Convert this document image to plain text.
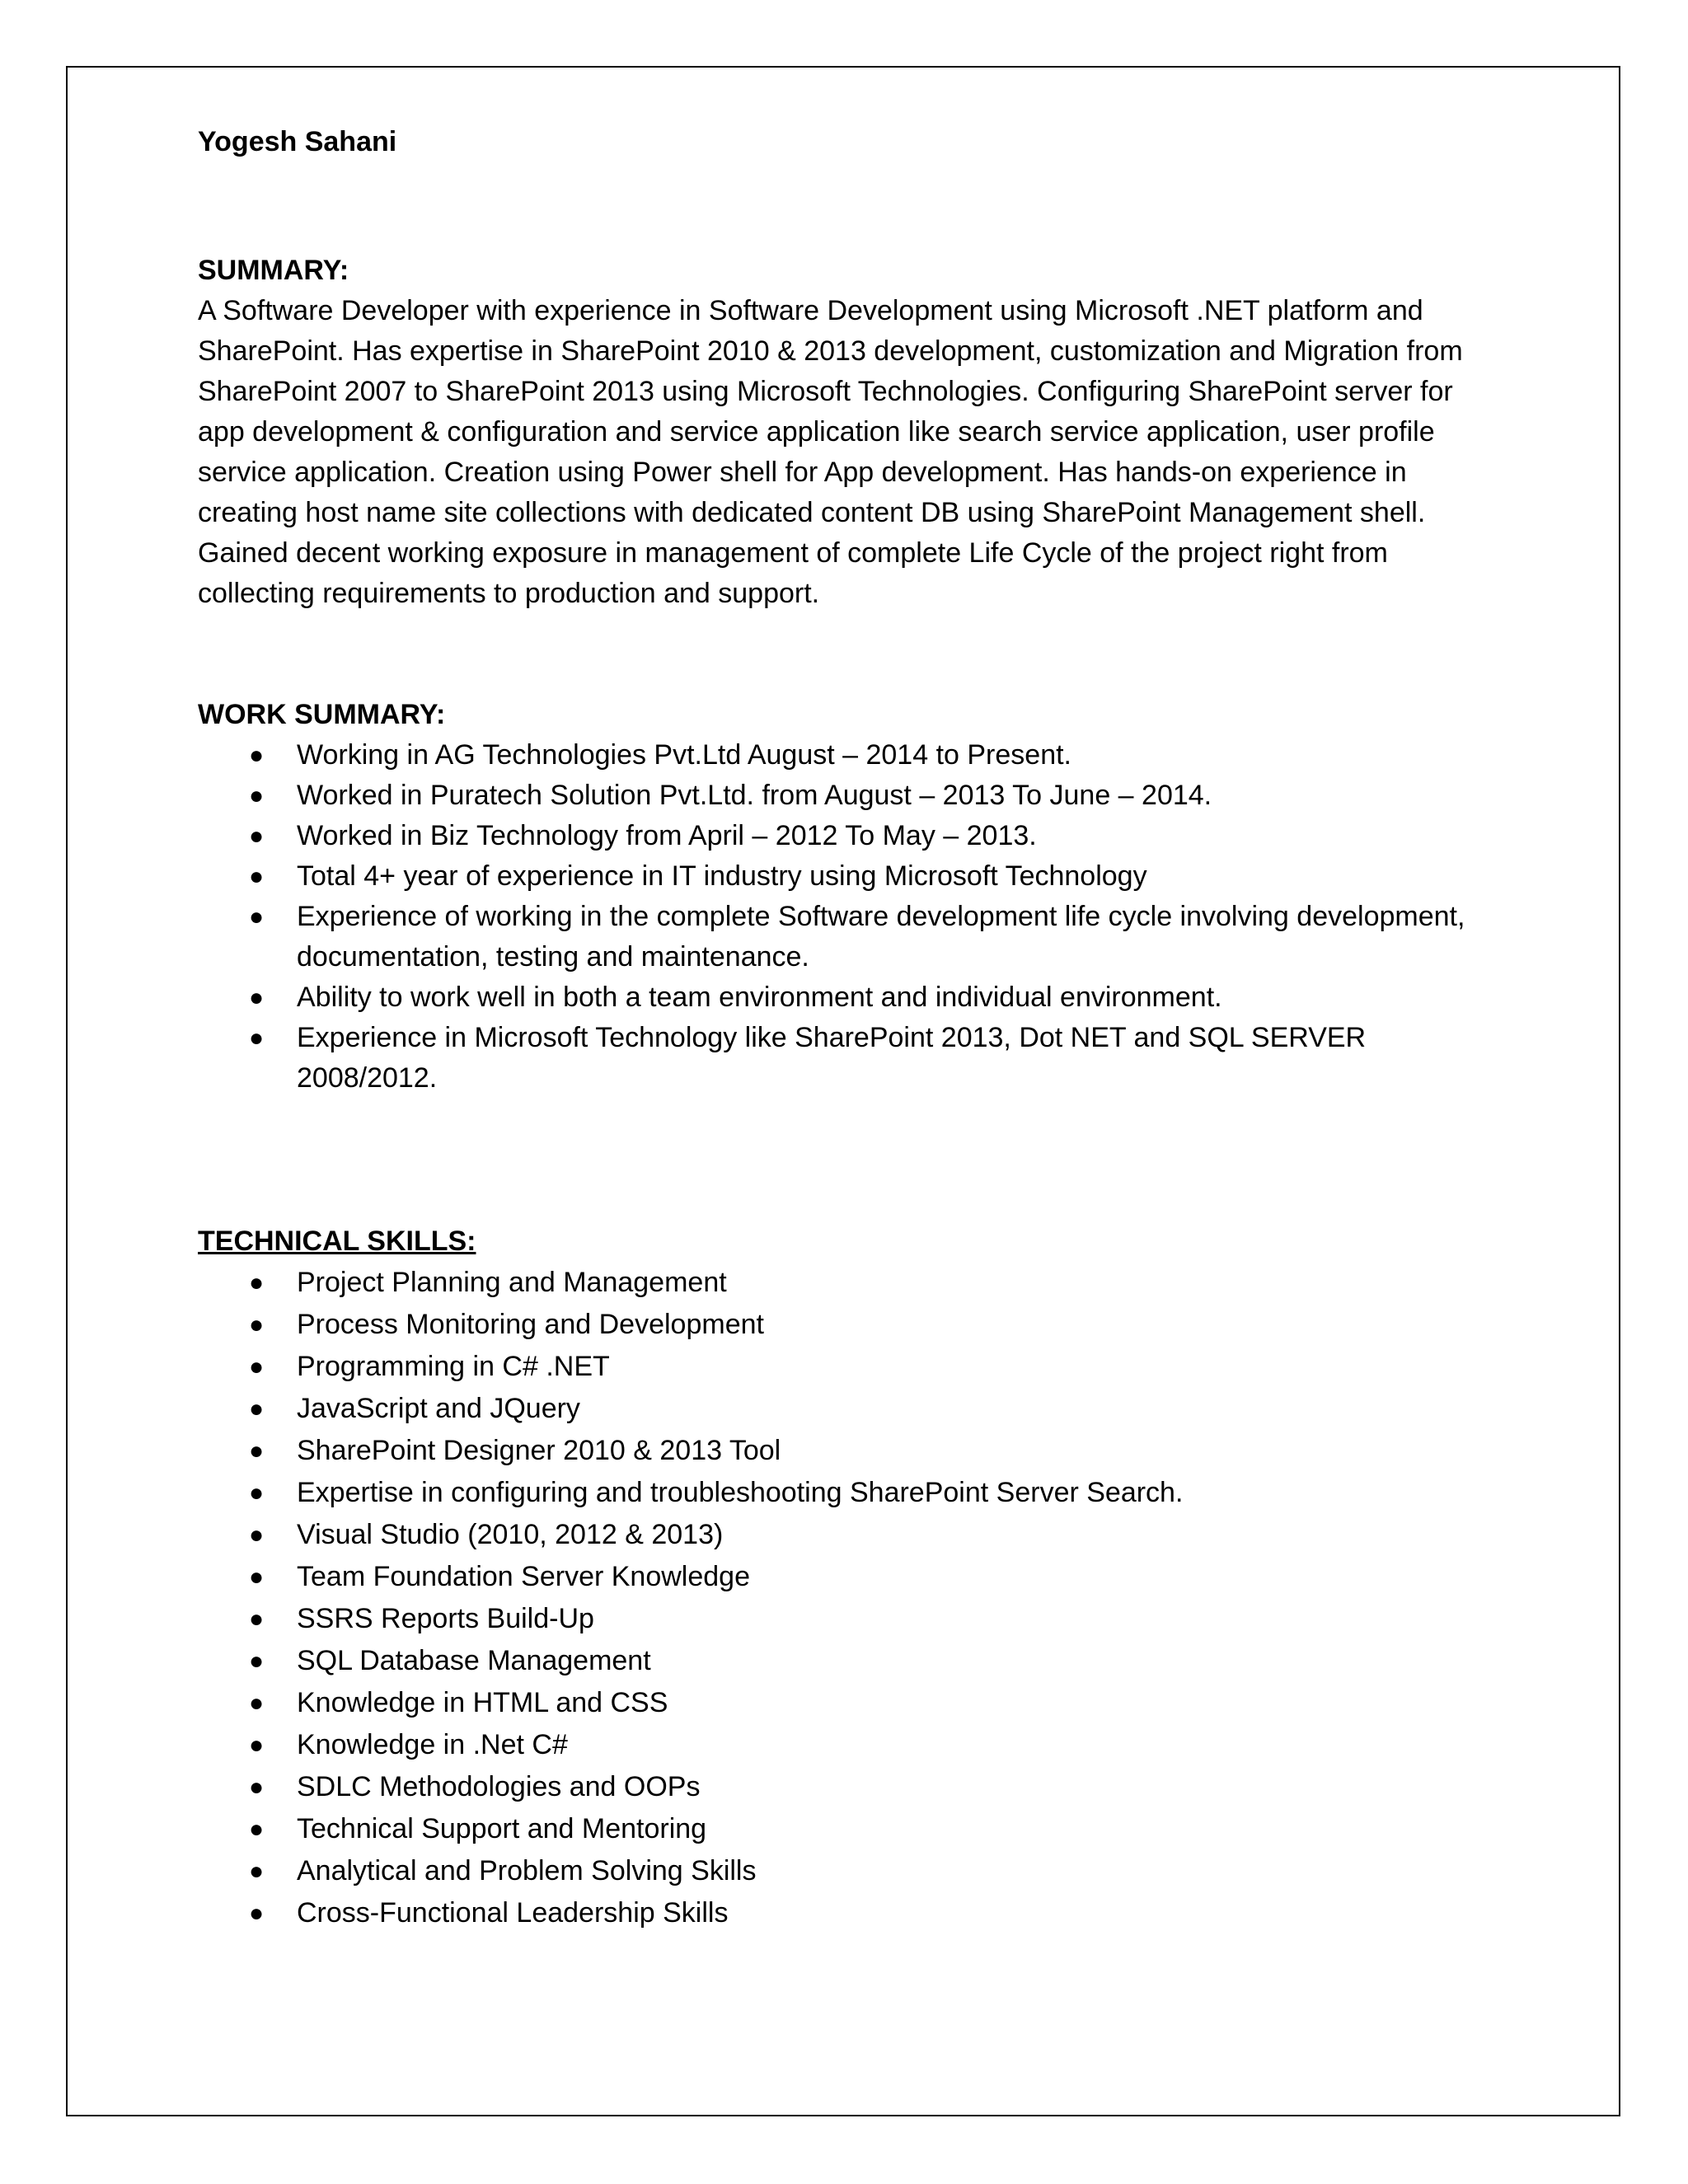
Yogesh Sahani

SUMMARY:

A Software Developer with experience in Software Development using Microsoft .NET platform and SharePoint. Has expertise in SharePoint 2010 & 2013 development, customization and Migration from SharePoint 2007 to SharePoint 2013 using Microsoft Technologies. Configuring SharePoint server for app development & configuration and service application like search service application, user profile service application. Creation using Power shell for App development. Has hands-on experience in creating host name site collections with dedicated content DB using SharePoint Management shell.

Gained decent working exposure in management of complete Life Cycle of the project right from collecting requirements to production and support.

WORK SUMMARY:

● Working in AG Technologies Pvt.Ltd August – 2014 to Present.
● Worked in Puratech Solution Pvt.Ltd. from August – 2013 To June – 2014.
● Worked in Biz Technology from April – 2012 To May – 2013.
● Total 4+ year of experience in IT industry using Microsoft Technology
● Experience of working in the complete Software development life cycle involving development, documentation, testing and maintenance.
● Ability to work well in both a team environment and individual environment.
● Experience in Microsoft Technology like SharePoint 2013, Dot NET and SQL SERVER 2008/2012.

TECHNICAL SKILLS:

● Project Planning and Management
● Process Monitoring and Development
● Programming in C# .NET
● JavaScript and JQuery
● SharePoint Designer 2010 & 2013 Tool
● Expertise in configuring and troubleshooting SharePoint Server Search.
● Visual Studio (2010, 2012 & 2013)
● Team Foundation Server Knowledge
● SSRS Reports Build-Up
● SQL Database Management
● Knowledge in HTML and CSS
● Knowledge in .Net C#
● SDLC Methodologies and OOPs
● Technical Support and Mentoring
● Analytical and Problem Solving Skills
● Cross-Functional Leadership Skills
